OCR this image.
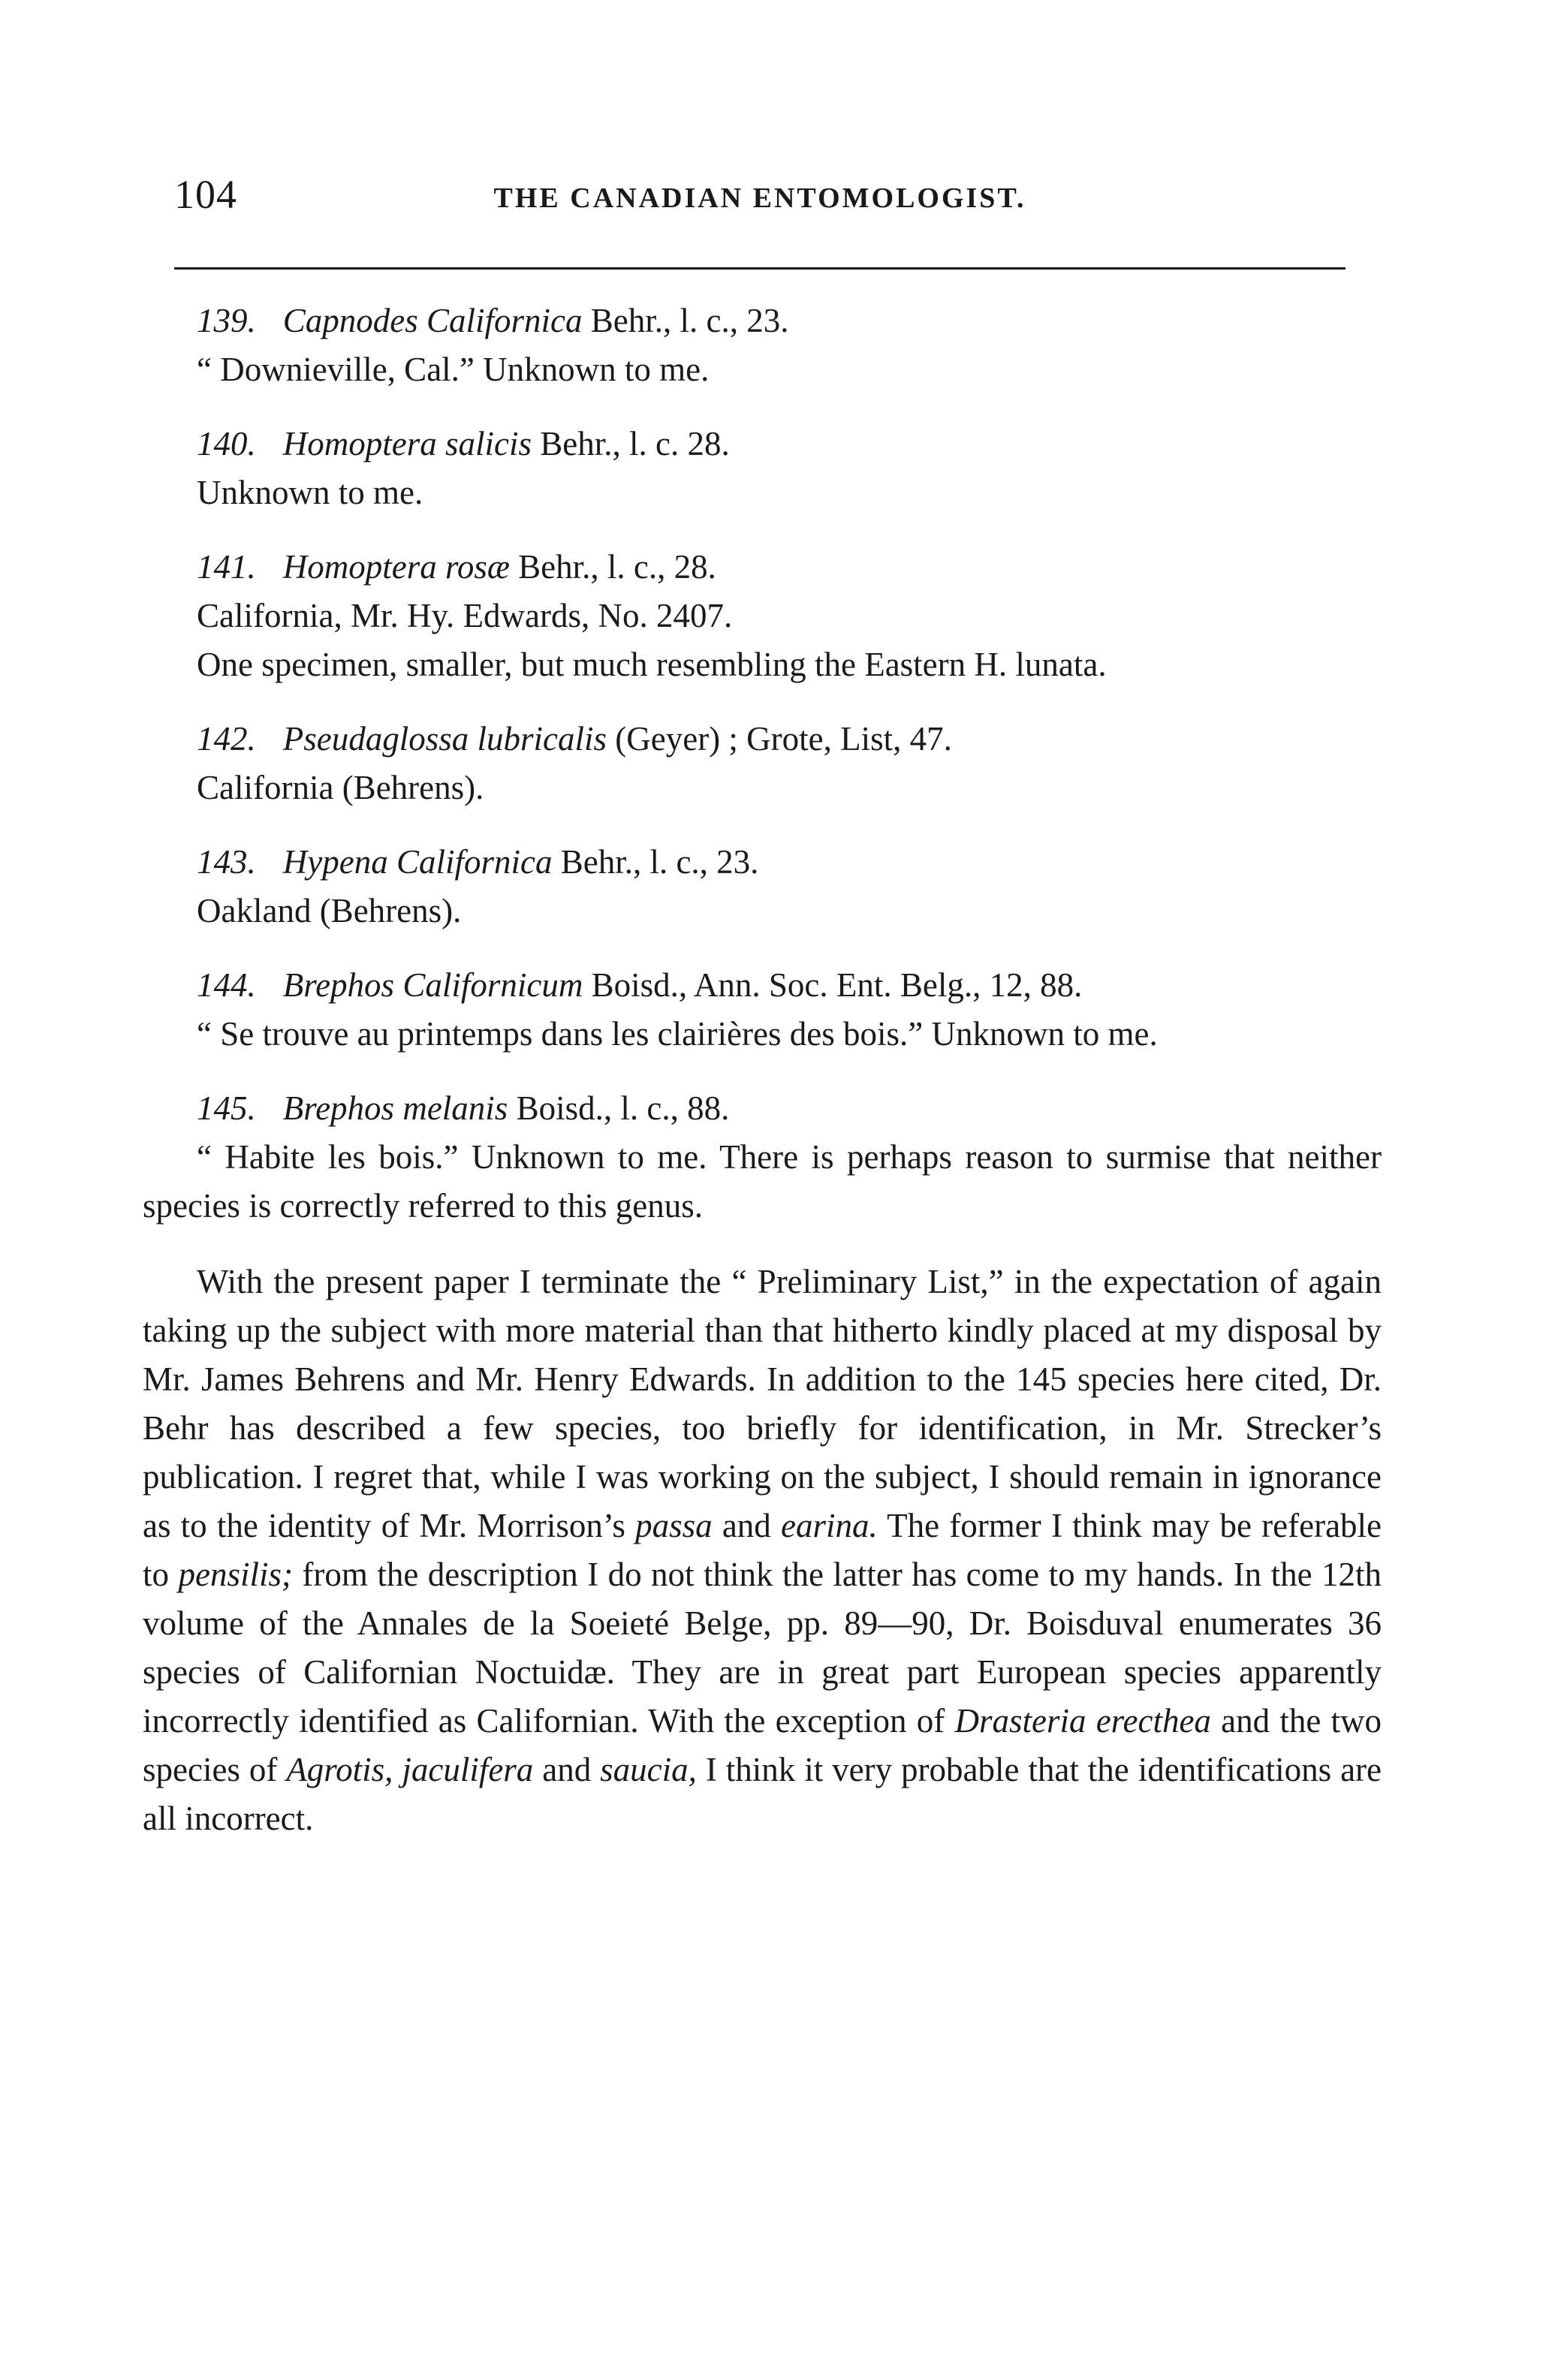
104	THE CANADIAN ENTOMOLOGIST.
139. Capnodes Californica Behr., l. c., 23.
“ Downieville, Cal.” Unknown to me.
140. Homoptera salicis Behr., l. c. 28.
Unknown to me.
141. Homoptera rosæ Behr., l. c., 28.
California, Mr. Hy. Edwards, No. 2407.
One specimen, smaller, but much resembling the Eastern H. lunata.
142. Pseudaglossa lubricalis (Geyer) ; Grote, List, 47.
California (Behrens).
143. Hypena Californica Behr., l. c., 23.
Oakland (Behrens).
144. Brephos Californicum Boisd., Ann. Soc. Ent. Belg., 12, 88.
“ Se trouve au printemps dans les clairières des bois.” Unknown to me.
145. Brephos melanis Boisd., l. c., 88.
“ Habite les bois.” Unknown to me. There is perhaps reason to surmise that neither species is correctly referred to this genus.
With the present paper I terminate the “ Preliminary List,” in the expectation of again taking up the subject with more material than that hitherto kindly placed at my disposal by Mr. James Behrens and Mr. Henry Edwards. In addition to the 145 species here cited, Dr. Behr has described a few species, too briefly for identification, in Mr. Strecker’s publication. I regret that, while I was working on the subject, I should remain in ignorance as to the identity of Mr. Morrison’s passa and earina. The former I think may be referable to pensilis; from the description I do not think the latter has come to my hands. In the 12th volume of the Annales de la Soeieté Belge, pp. 89—90, Dr. Boisduval enumerates 36 species of Californian Noctuidæ. They are in great part European species apparently incorrectly identified as Californian. With the exception of Drasteria erecthea and the two species of Agrotis, jaculifera and saucia, I think it very probable that the identifications are all incorrect.
